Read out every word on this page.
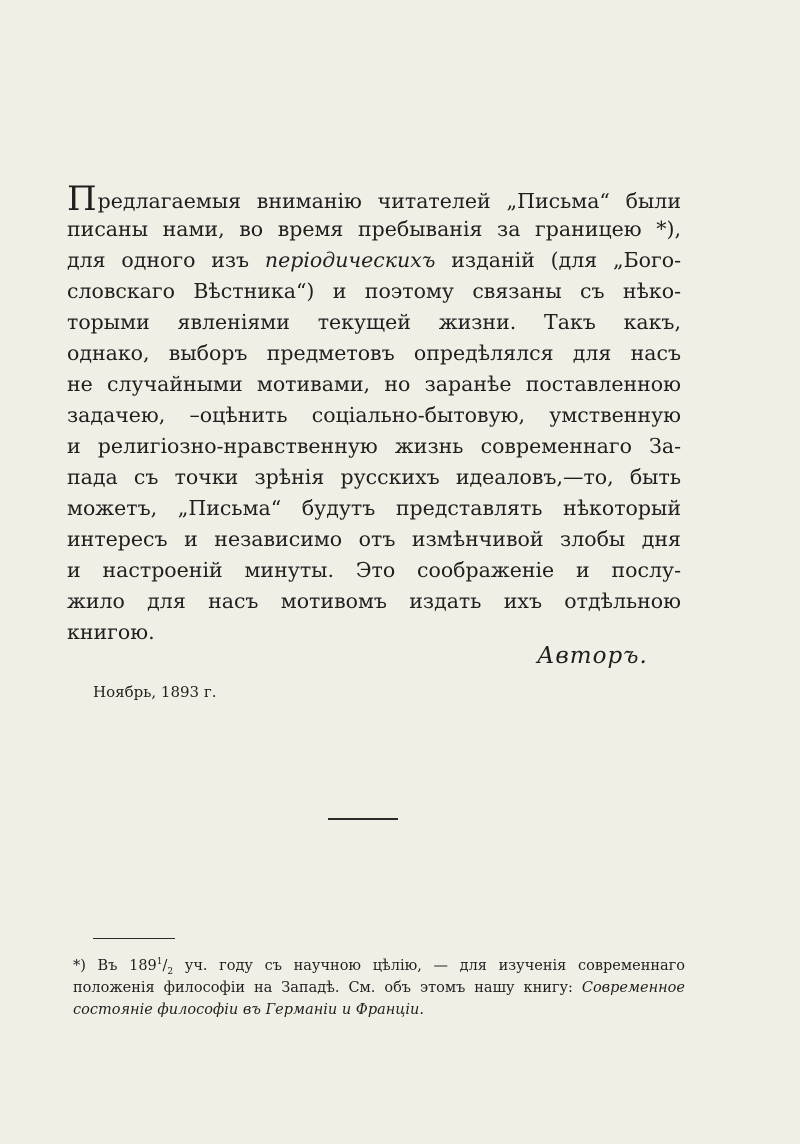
Предлагаемыя вниманію читателей „Письма“ были
писаны нами, во время пребыванія за границею *),
для одного изъ періодическихъ изданій (для „Бого-
словскаго Вѣстника“) и поэтому связаны съ нѣко-
торыми явленіями текущей жизни. Такъ какъ,
однако, выборъ предметовъ опредѣлялся для насъ
не случайными мотивами, но заранѣе поставленною
задачею, –оцѣнить соціально-бытовую, умственную
и религіозно-нравственную жизнь современнаго За-
пада съ точки зрѣнія русскихъ идеаловъ,—то, быть
можетъ, „Письма“ будутъ представлять нѣкоторый
интересъ и независимо отъ измѣнчивой злобы дня
и настроеній минуты. Это соображеніе и послу-
жило для насъ мотивомъ издать ихъ отдѣльною
книгою.
Авторъ.
Ноябрь, 1893 г.
*) Въ $189^1/_2$ уч. году съ научною цѣлію, — для изученія современнаго
положенія философіи на Западѣ. См. объ этомъ нашу книгу: Современное
состояніе философіи въ Германіи и Франціи.
